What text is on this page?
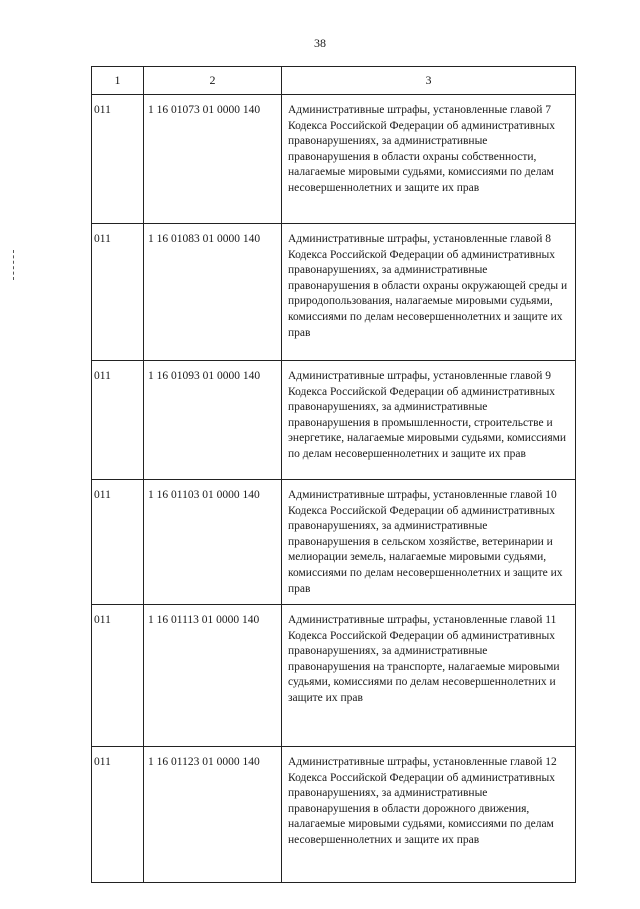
38
1	2	3
011	1 16 01073 01 0000 140	Административные штрафы, установленные главой 7 Кодекса Российской Федерации об административных правонарушениях, за административные правонарушения в области охраны собственности, налагаемые мировыми судьями, комиссиями по делам несовершеннолетних и защите их прав
011	1 16 01083 01 0000 140	Административные штрафы, установленные главой 8 Кодекса Российской Федерации об административных правонарушениях, за административные правонарушения в области охраны окружающей среды и природопользования, налагаемые мировыми судьями, комиссиями по делам несовершеннолетних и защите их прав
011	1 16 01093 01 0000 140	Административные штрафы, установленные главой 9 Кодекса Российской Федерации об административных правонарушениях, за административные правонарушения в промышленности, строительстве и энергетике, налагаемые мировыми судьями, комиссиями по делам несовершеннолетних и защите их прав
011	1 16 01103 01 0000 140	Административные штрафы, установленные главой 10 Кодекса Российской Федерации об административных правонарушениях, за административные правонарушения в сельском хозяйстве, ветеринарии и мелиорации земель, налагаемые мировыми судьями, комиссиями по делам несовершеннолетних и защите их прав
011	1 16 01113 01 0000 140	Административные штрафы, установленные главой 11 Кодекса Российской Федерации об административных правонарушениях, за административные правонарушения на транспорте, налагаемые мировыми судьями, комиссиями по делам несовершеннолетних и защите их прав
011	1 16 01123 01 0000 140	Административные штрафы, установленные главой 12 Кодекса Российской Федерации об административных правонарушениях, за административные правонарушения в области дорожного движения, налагаемые мировыми судьями, комиссиями по делам несовершеннолетних и защите их прав
